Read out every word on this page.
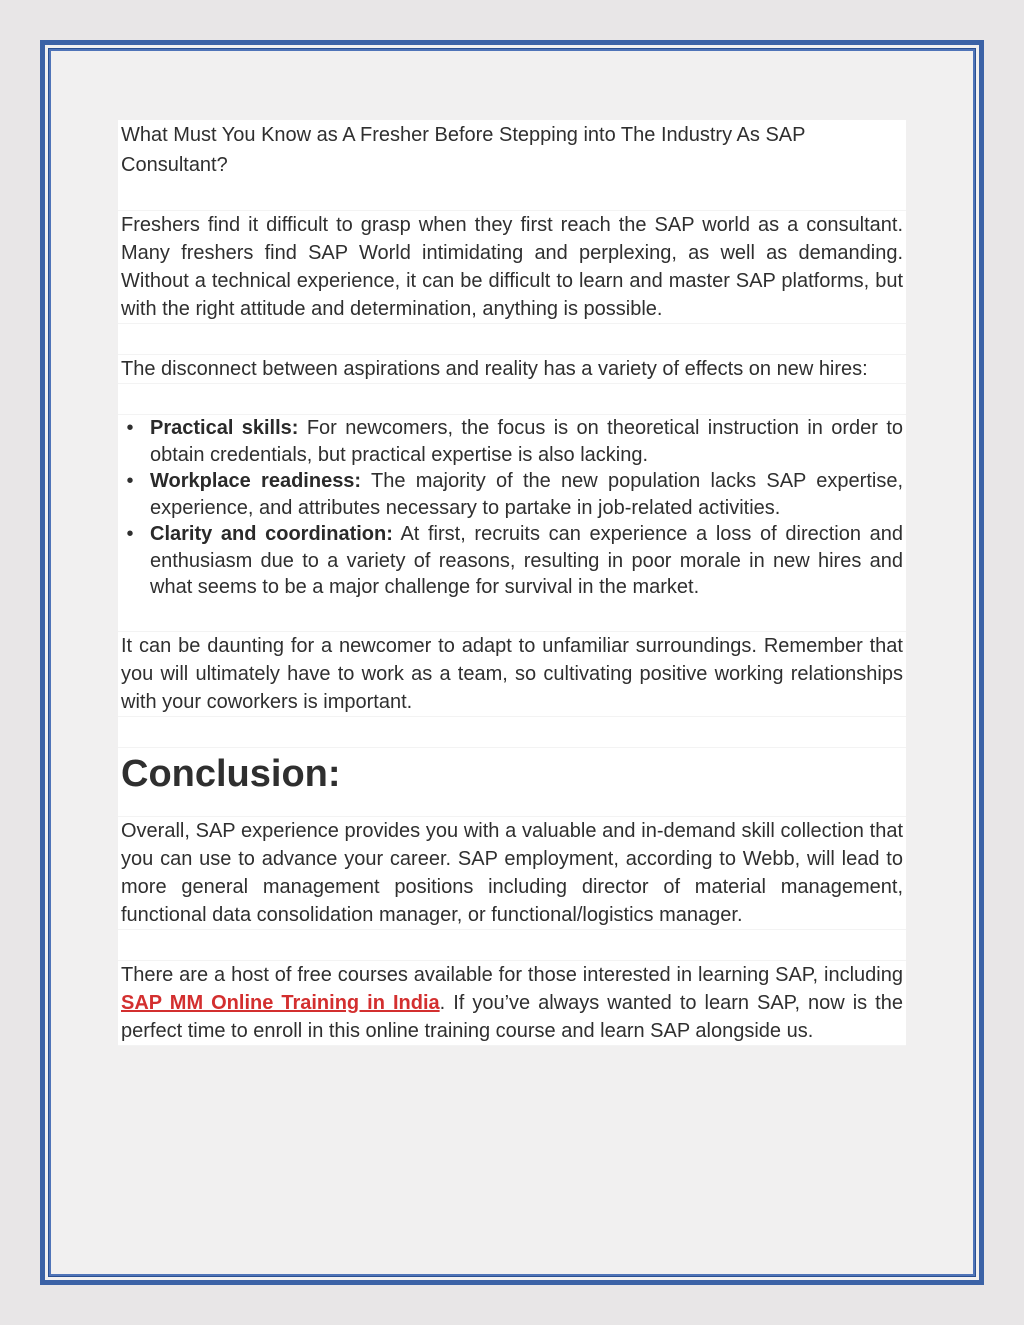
What Must You Know as A Fresher Before Stepping into The Industry As SAP Consultant?

Freshers find it difficult to grasp when they first reach the SAP world as a consultant. Many freshers find SAP World intimidating and perplexing, as well as demanding. Without a technical experience, it can be difficult to learn and master SAP platforms, but with the right attitude and determination, anything is possible.

The disconnect between aspirations and reality has a variety of effects on new hires:

• Practical skills: For newcomers, the focus is on theoretical instruction in order to obtain credentials, but practical expertise is also lacking.
• Workplace readiness: The majority of the new population lacks SAP expertise, experience, and attributes necessary to partake in job-related activities.
• Clarity and coordination: At first, recruits can experience a loss of direction and enthusiasm due to a variety of reasons, resulting in poor morale in new hires and what seems to be a major challenge for survival in the market.

It can be daunting for a newcomer to adapt to unfamiliar surroundings. Remember that you will ultimately have to work as a team, so cultivating positive working relationships with your coworkers is important.

Conclusion:

Overall, SAP experience provides you with a valuable and in-demand skill collection that you can use to advance your career. SAP employment, according to Webb, will lead to more general management positions including director of material management, functional data consolidation manager, or functional/logistics manager.

There are a host of free courses available for those interested in learning SAP, including SAP MM Online Training in India. If you’ve always wanted to learn SAP, now is the perfect time to enroll in this online training course and learn SAP alongside us.
